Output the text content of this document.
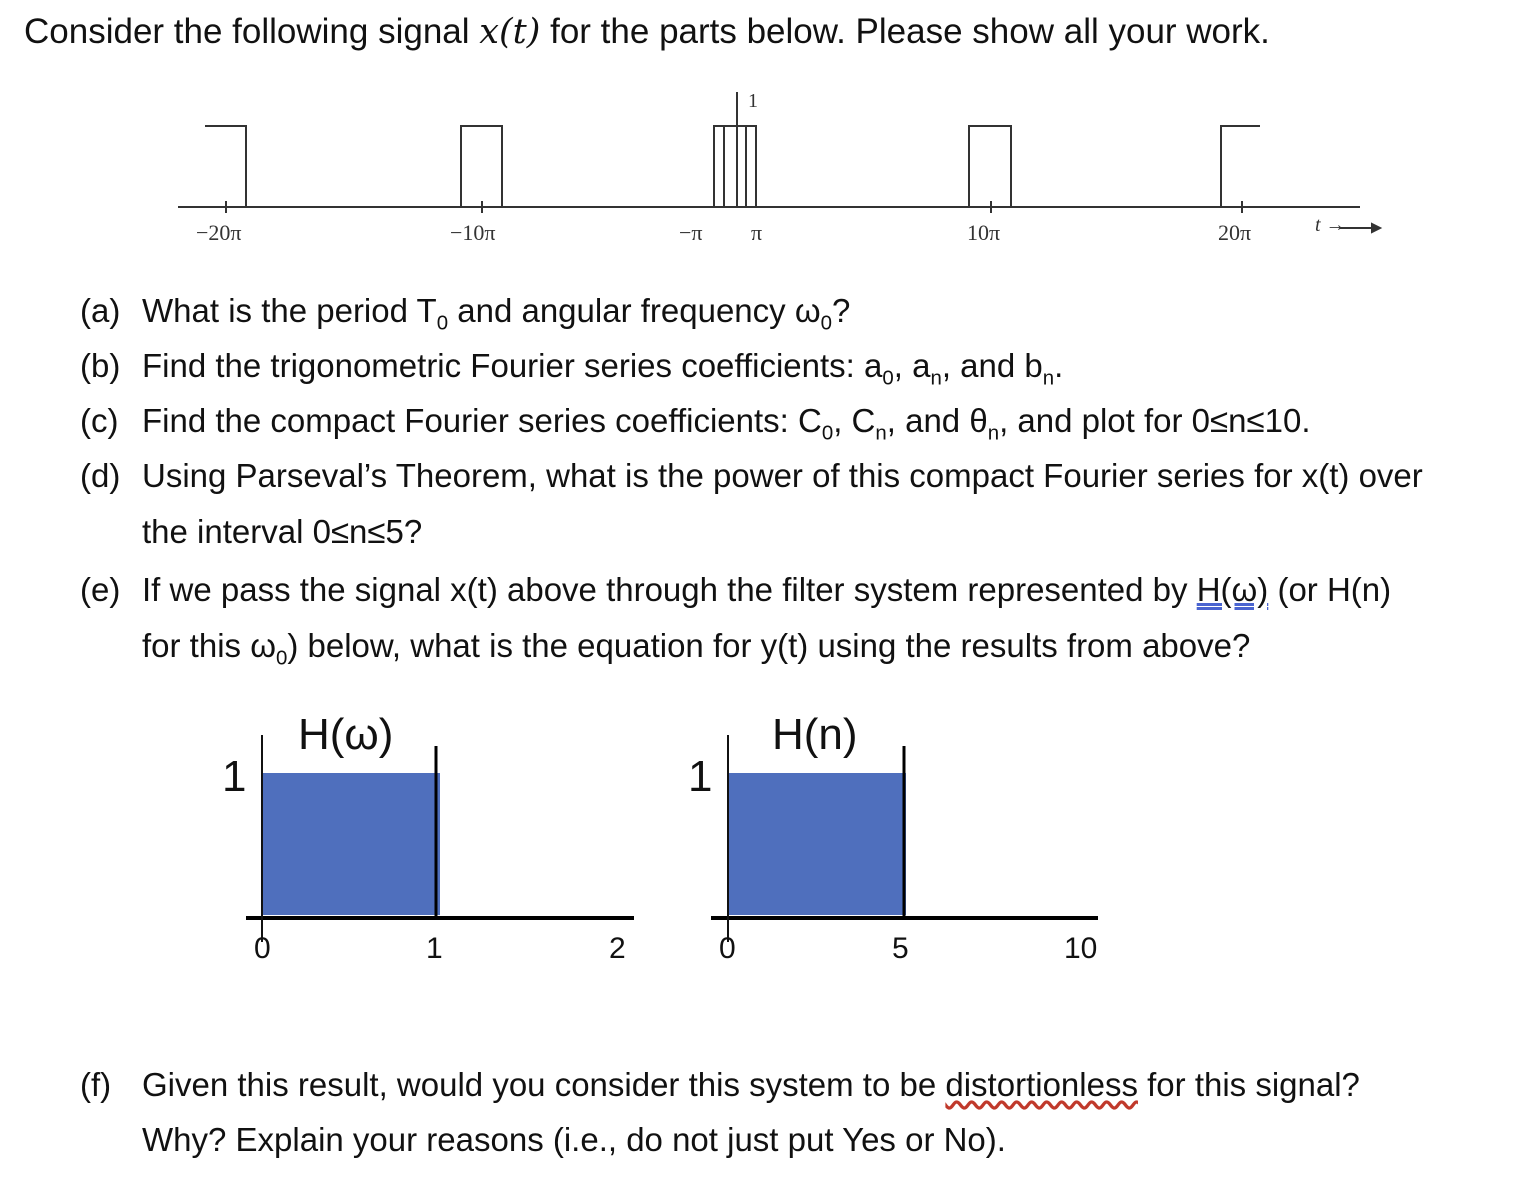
Consider the following signal x(t) for the parts below. Please show all your work.
1
−20π	−10π	−π π	10π	20π	t →
(a) What is the period $T_0$ and angular frequency $\omega_0$?
(b) Find the trigonometric Fourier series coefficients: $a_0$, $a_n$, and $b_n$.
(c) Find the compact Fourier series coefficients: $C_0$, $C_n$, and $\theta_n$, and plot for 0≤n≤10.
(d) Using Parseval’s Theorem, what is the power of this compact Fourier series for x(t) over
the interval 0≤n≤5?
(e) If we pass the signal x(t) above through the filter system represented by H(ω) (or H(n)
for this $\omega_0$) below, what is the equation for y(t) using the results from above?
H(ω)
1
0	1	2
H(n)
1
0	5	10
(f) Given this result, would you consider this system to be distortionless for this signal?
Why? Explain your reasons (i.e., do not just put Yes or No).
